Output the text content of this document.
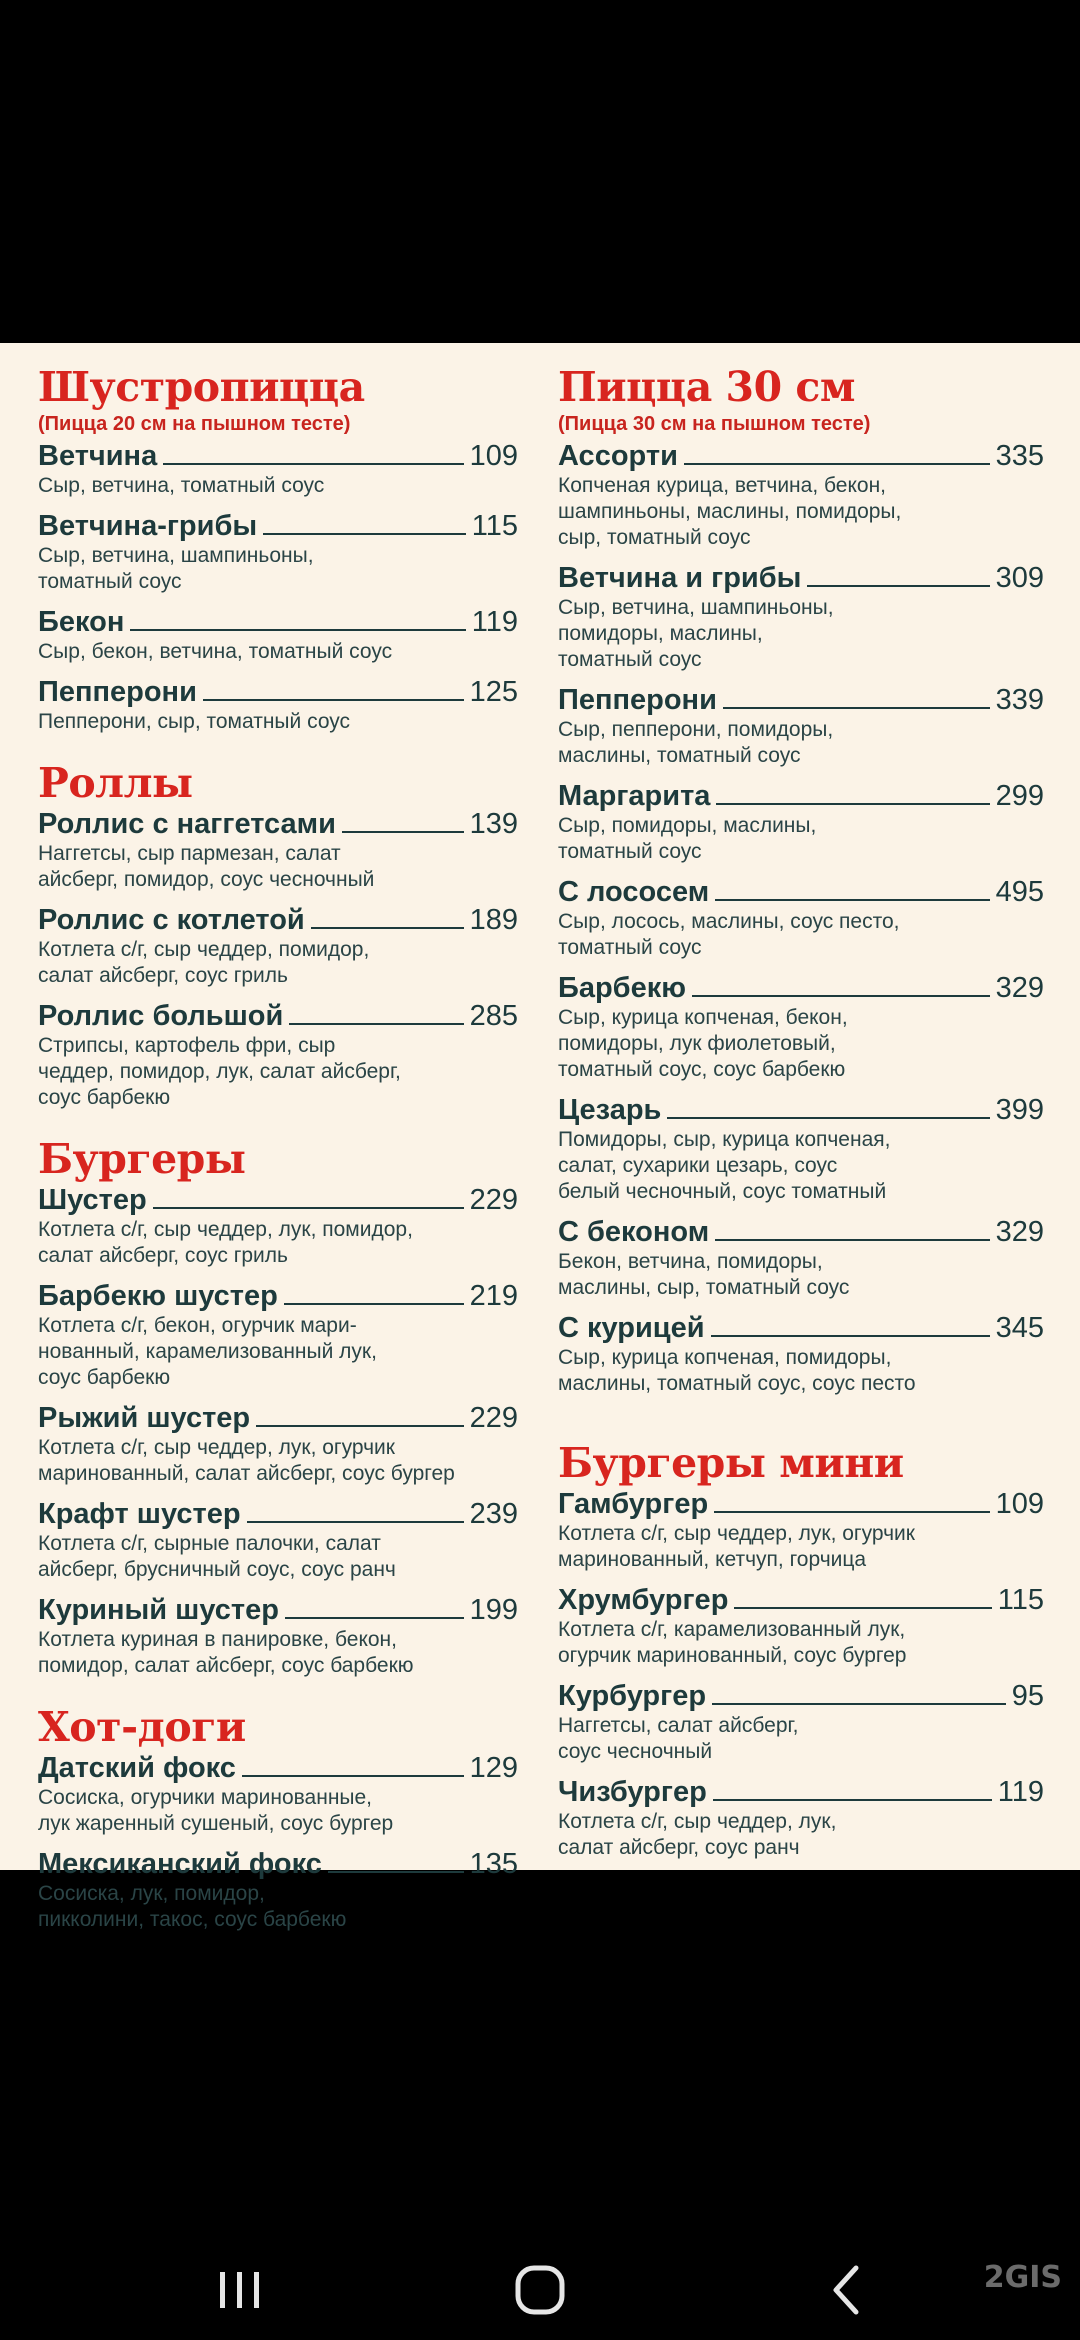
Шустропицца
(Пицца 20 см на пышном тесте)
Ветчина	109
Сыр, ветчина, томатный соус
Ветчина-грибы	115
Сыр, ветчина, шампиньоны,
томатный соус
Бекон	119
Сыр, бекон, ветчина, томатный соус
Пепперони	125
Пепперони, сыр, томатный соус
Роллы
Роллис с наггетсами	139
Наггетсы, сыр пармезан, салат
айсберг, помидор, соус чесночный
Роллис с котлетой	189
Котлета с/г, сыр чеддер, помидор,
салат айсберг, соус гриль
Роллис большой	285
Стрипсы, картофель фри, сыр
чеддер, помидор, лук, салат айсберг,
соус барбекю
Бургеры
Шустер	229
Котлета с/г, сыр чеддер, лук, помидор,
салат айсберг, соус гриль
Барбекю шустер	219
Котлета с/г, бекон, огурчик мари-
нованный, карамелизованный лук,
соус барбекю
Рыжий шустер	229
Котлета с/г, сыр чеддер, лук, огурчик
маринованный, салат айсберг, соус бургер
Крафт шустер	239
Котлета с/г, сырные палочки, салат
айсберг, брусничный соус, соус ранч
Куриный шустер	199
Котлета куриная в панировке, бекон,
помидор, салат айсберг, соус барбекю
Хот-доги
Датский фокс	129
Сосиска, огурчики маринованные,
лук жаренный сушеный, соус бургер
Мексиканский фокс	135
Сосиска, лук, помидор,
пикколини, такос, соус барбекю
Пицца 30 см
(Пицца 30 см на пышном тесте)
Ассорти	335
Копченая курица, ветчина, бекон,
шампиньоны, маслины, помидоры,
сыр, томатный соус
Ветчина и грибы	309
Сыр, ветчина, шампиньоны,
помидоры, маслины,
томатный соус
Пепперони	339
Сыр, пепперони, помидоры,
маслины, томатный соус
Маргарита	299
Сыр, помидоры, маслины,
томатный соус
С лососем	495
Сыр, лосось, маслины, соус песто,
томатный соус
Барбекю	329
Сыр, курица копченая, бекон,
помидоры, лук фиолетовый,
томатный соус, соус барбекю
Цезарь	399
Помидоры, сыр, курица копченая,
салат, сухарики цезарь, соус
белый чесночный, соус томатный
С беконом	329
Бекон, ветчина, помидоры,
маслины, сыр, томатный соус
С курицей	345
Сыр, курица копченая, помидоры,
маслины, томатный соус, соус песто
Бургеры мини
Гамбургер	109
Котлета с/г, сыр чеддер, лук, огурчик
маринованный, кетчуп, горчица
Хрумбургер	115
Котлета с/г, карамелизованный лук,
огурчик маринованный, соус бургер
Курбургер	95
Наггетсы, салат айсберг,
соус чесночный
Чизбургер	119
Котлета с/г, сыр чеддер, лук,
салат айсберг, соус ранч
2GIS
